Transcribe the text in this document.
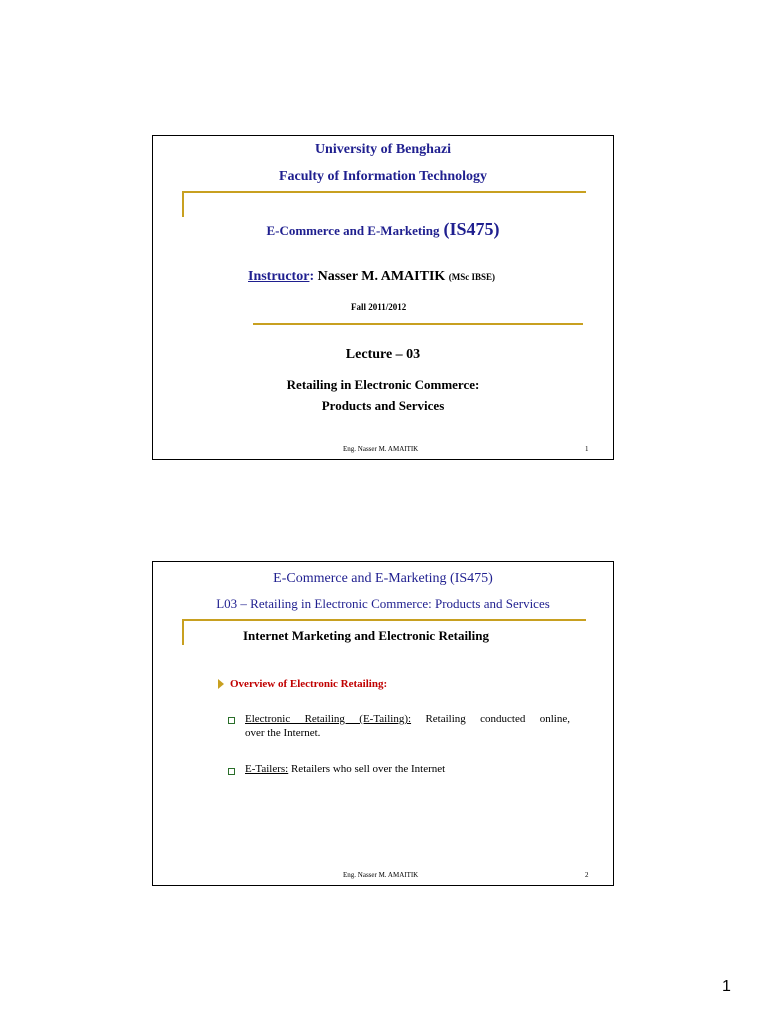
University of Benghazi
Faculty of Information Technology
E-Commerce and E-Marketing (IS475)
Instructor: Nasser M. AMAITIK (MSc IBSE)
Fall 2011/2012
Lecture – 03
Retailing in Electronic Commerce:
Products and Services
Eng. Nasser M. AMAITIK	1
E-Commerce and E-Marketing (IS475)
L03 – Retailing in Electronic Commerce: Products and Services
Internet Marketing and Electronic Retailing
Overview of Electronic Retailing:
Electronic Retailing (E-Tailing): Retailing conducted online,
over the Internet.
E-Tailers: Retailers who sell over the Internet
Eng. Nasser M. AMAITIK	2
1
